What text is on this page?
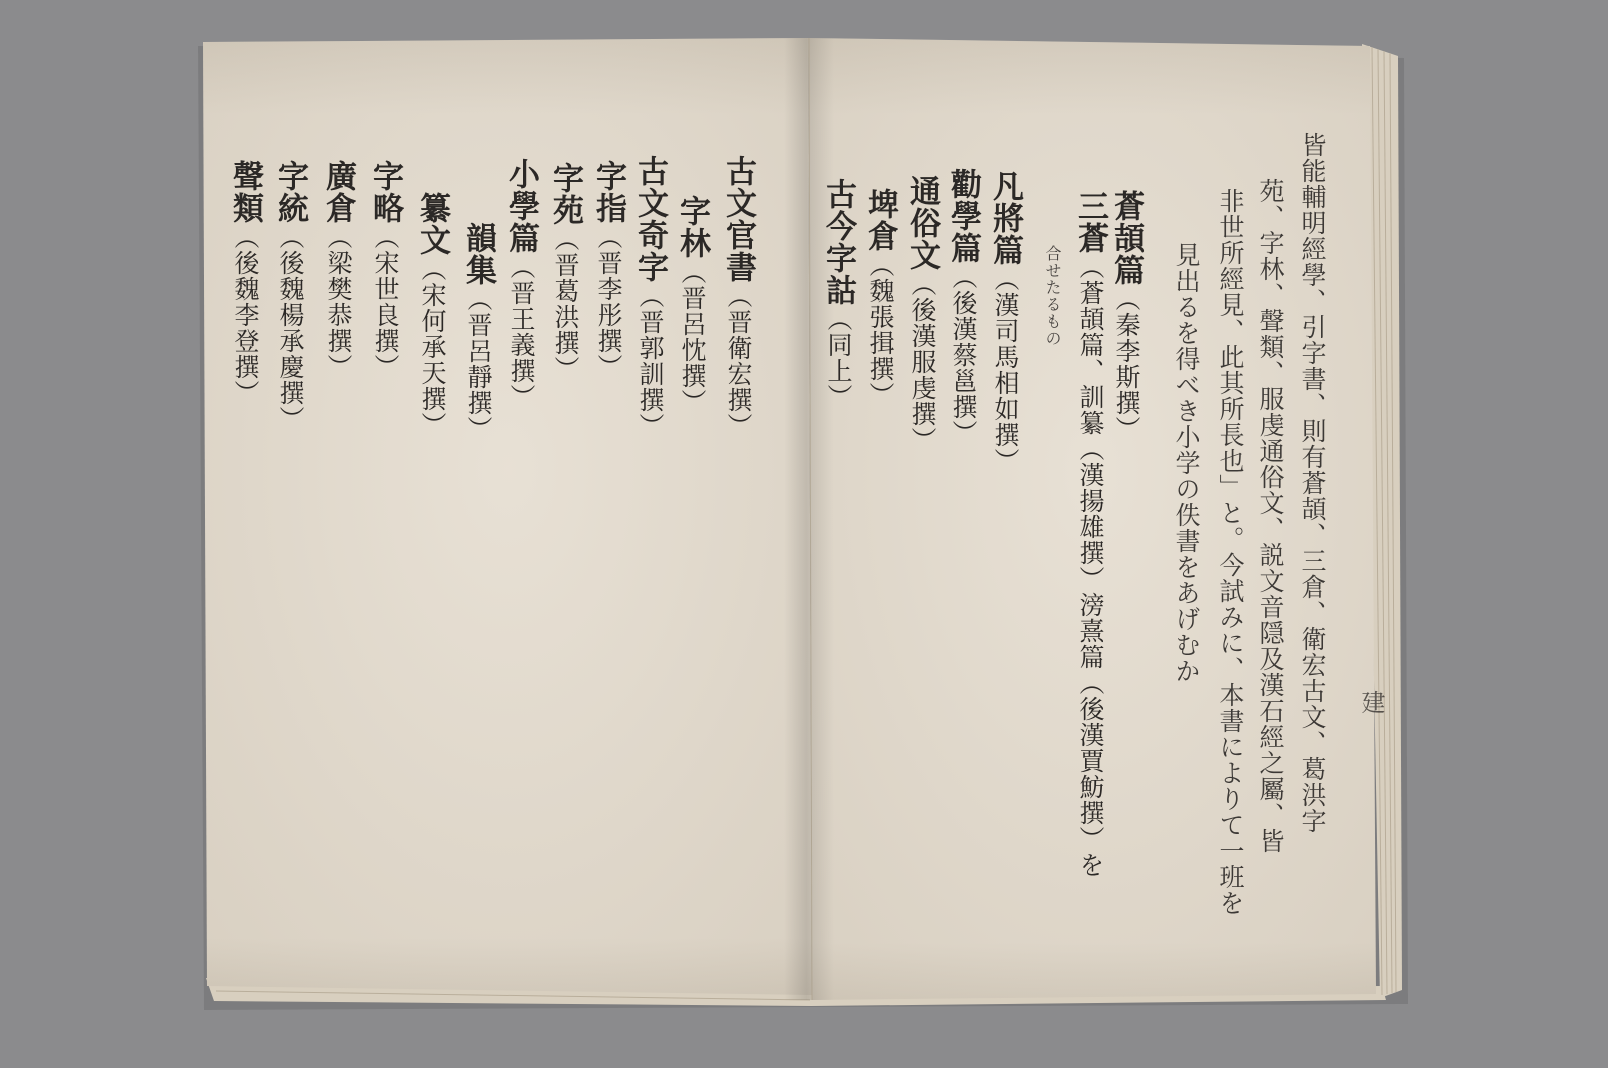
皆能輔明經學、引字書、則有蒼頡、三倉、衛宏古文、葛洪字
苑、字林、聲類、服虔通俗文、説文音隠及漢石經之屬、皆
非世所經見、此其所長也」と。今試みに、本書によりて一班を
見出るを得べき小学の佚書をあげむか
蒼頡篇（秦李斯撰）
三蒼（蒼頡篇、訓纂（漢揚雄撰）滂熹篇（後漢賈魴撰）を
合せたるもの
凡將篇（漢司馬相如撰）
勸學篇（後漢蔡邕撰）
通俗文（後漢服虔撰）
埤倉（魏張揖撰）
古今字詁（同上）
古文官書（晋衛宏撰）
字林（晋呂忱撰）
古文奇字（晋郭訓撰）
字指（晋李彤撰）
字苑（晋葛洪撰）
小學篇（晋王義撰）
韻集（晋呂靜撰）
纂文（宋何承天撰）
字略（宋世良撰）
廣倉（梁樊恭撰）
字統（後魏楊承慶撰）
聲類（後魏李登撰）
建
